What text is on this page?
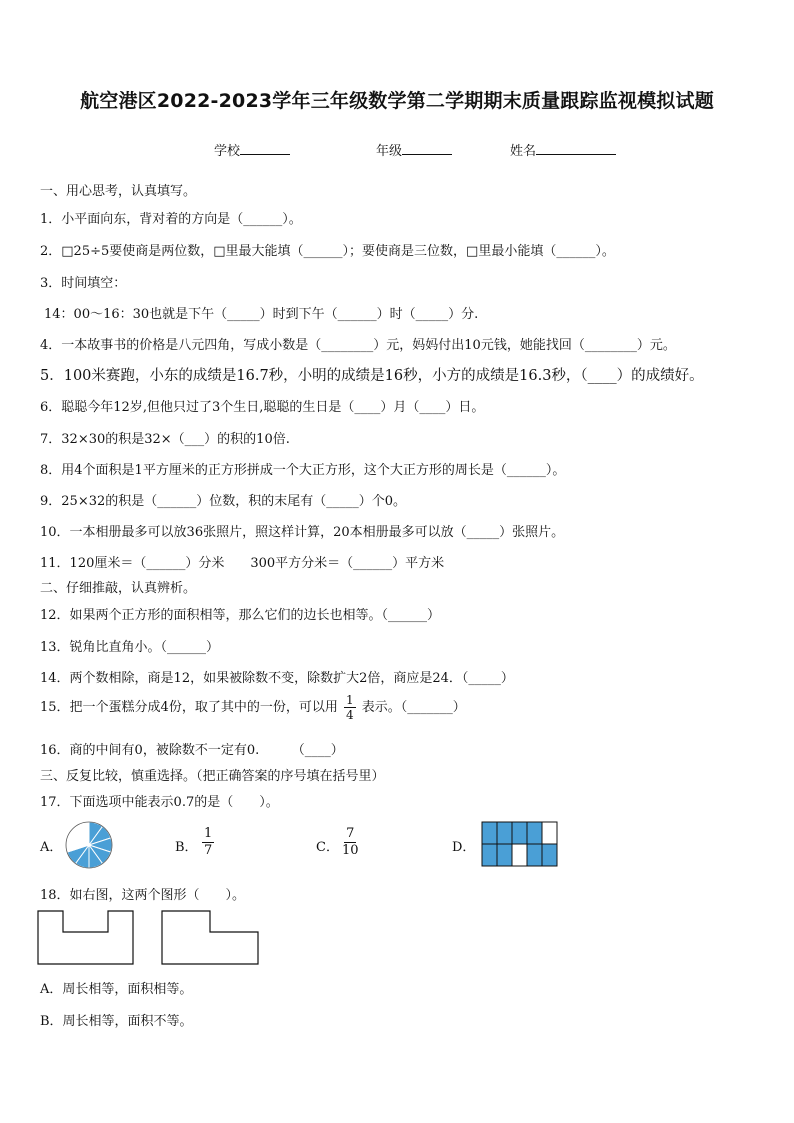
航空港区2022-2023学年三年级数学第二学期期末质量跟踪监视模拟试题
学校	年级	姓名
一、用心思考，认真填写。
1．小平面向东，背对着的方向是（______）。
2．□25÷5要使商是两位数，□里最大能填（______）；要使商是三位数，□里最小能填（______）。
3．时间填空：
14：00～16：30也就是下午（_____）时到下午（______）时（_____）分.
4．一本故事书的价格是八元四角，写成小数是（________）元，妈妈付出10元钱，她能找回（________）元。
5．100米赛跑，小东的成绩是16.7秒，小明的成绩是16秒，小方的成绩是16.3秒，（____）的成绩好。
6．聪聪今年12岁,但他只过了3个生日,聪聪的生日是（____）月（____）日。
7．32×30的积是32×（___）的积的10倍.
8．用4个面积是1平方厘米的正方形拼成一个大正方形，这个大正方形的周长是（______）。
9．25×32的积是（______）位数，积的末尾有（_____）个0。
10．一本相册最多可以放36张照片，照这样计算，20本相册最多可以放（_____）张照片。
11．120厘米＝（______）分米　　300平方分米＝（______）平方米
二、仔细推敲，认真辨析。
12．如果两个正方形的面积相等，那么它们的边长也相等。（______）
13．锐角比直角小。（______）
14．两个数相除，商是12，如果被除数不变，除数扩大2倍，商应是24．（_____）
15．把一个蛋糕分成4份，取了其中的一份，可以用 $\frac{1}{4}$ 表示。（_______）
16．商的中间有0，被除数不一定有0.　　　（____）
三、反复比较，慎重选择。（把正确答案的序号填在括号里）
17．下面选项中能表示0.7的是（　　）。
A．	B． $\frac{1}{7}$	C． $\frac{7}{10}$	D．
18．如右图，这两个图形（　　）。
A．周长相等，面积相等。
B．周长相等，面积不等。
